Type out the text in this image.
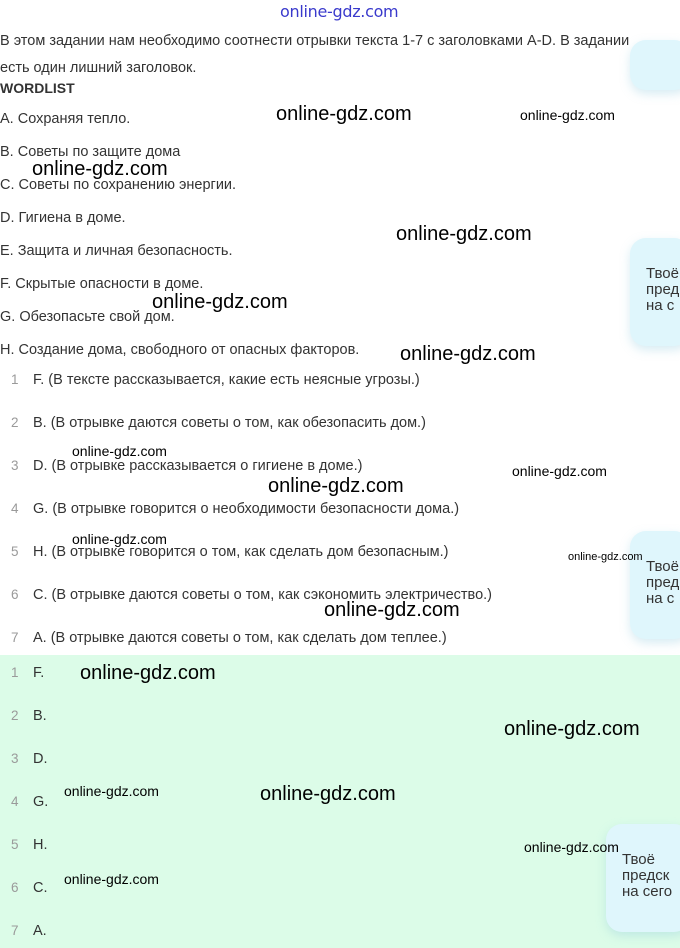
online-gdz.com
В этом задании нам необходимо соотнести отрывки текста 1-7 с заголовками A-D. В задании есть один лишний заголовок.
WORDLIST
A. Сохраняя тепло.
B. Советы по защите дома
C. Советы по сохранению энергии.
D. Гигиена в доме.
E. Защита и личная безопасность.
F. Скрытые опасности в доме.
G. Обезопасьте свой дом.
H. Создание дома, свободного от опасных факторов.
1 F. (В тексте рассказывается, какие есть неясные угрозы.)
2 B. (В отрывке даются советы о том, как обезопасить дом.)
3 D. (В отрывке рассказывается о гигиене в доме.)
4 G. (В отрывке говорится о необходимости безопасности дома.)
5 H. (В отрывке говорится о том, как сделать дом безопасным.)
6 C. (В отрывке даются советы о том, как сэкономить электричество.)
7 A. (В отрывке даются советы о том, как сделать дом теплее.)
1 F.
2 B.
3 D.
4 G.
5 H.
6 C.
7 A.
Твоё
пред
на с
Твоё
пред
на с
Твоё
предск
на сего
online-gdz.com	online-gdz.com
online-gdz.com
online-gdz.com
online-gdz.com
online-gdz.com
online-gdz.com
online-gdz.com
online-gdz.com
online-gdz.com
online-gdz.com
online-gdz.com
online-gdz.com
online-gdz.com
online-gdz.com	online-gdz.com
online-gdz.com
online-gdz.com
